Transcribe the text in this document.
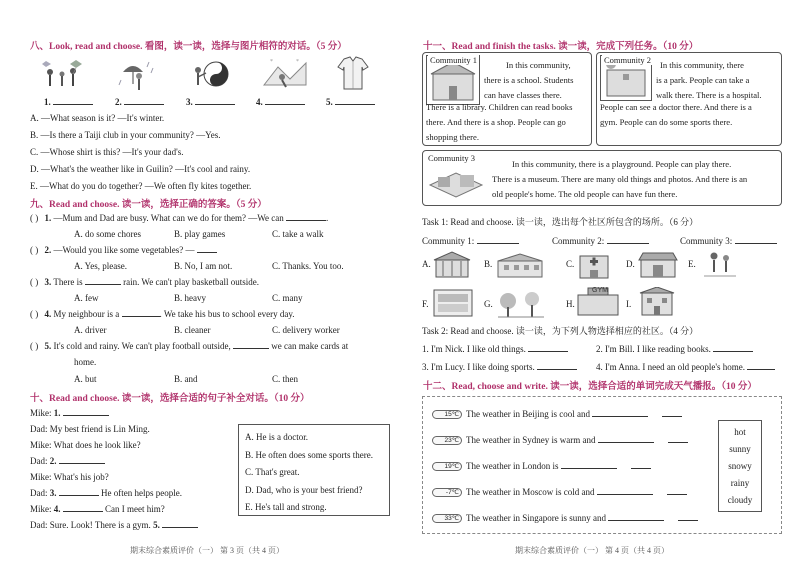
八、Look, read and choose. 看图，读一读，选择与图片相符的对话。（5 分）
*
*
1.	2.	3.	4.	5.
A. —What season is it? —It's winter.
B. —Is there a Taiji club in your community? —Yes.
C. —Whose shirt is this? —It's your dad's.
D. —What's the weather like in Guilin? —It's cool and rainy.
E. —What do you do together? —We often fly kites together.
九、Read and choose. 读一读，选择正确的答案。（5 分）
( ) 1. —Mum and Dad are busy. What can we do for them? —We can	.
A. do some chores	B. play games	C. take a walk
( ) 2. —Would you like some vegetables? —
A. Yes, please.	B. No, I am not.	C. Thanks. You too.
( ) 3. There is	rain. We can't play basketball outside.
A. few	B. heavy	C. many
( ) 4. My neighbour is a	. We take his bus to school every day.
A. driver	B. cleaner	C. delivery worker
( ) 5. It's cold and rainy. We can't play football outside,	we can make cards at
home.
A. but	B. and	C. then
十、Read and choose. 读一读，选择合适的句子补全对话。（10 分）
Mike: 1.
Dad: My best friend is Lin Ming.
Mike: What does he look like?
Dad: 2.
Mike: What's his job?
Dad: 3.	He often helps people.
Mike: 4.	Can I meet him?
Dad: Sure. Look! There is a gym. 5.
A. He is a doctor.
B. He often does some sports there.
C. That's great.
D. Dad, who is your best friend?
E. He's tall and strong.
期末综合素质评价（一） 第 3 页（共 4 页）
十一、Read and finish the tasks. 读一读，完成下列任务。（10 分）
Community 1	In this community,
there is a school. Students
can have classes there.
There is a library. Children can read books
there. And there is a shop. People can go
shopping there.
Community 2	In this community, there
is a park. People can take a
walk there. There is a hospital.
People can see a doctor there. And there is a
gym. People can do some sports there.
Community 3
In this community, there is a playground. People can play there.
There is a museum. There are many old things and photos. And there is an
old people's home. The old people can have fun there.
Task 1: Read and choose. 读一读，选出每个社区所包含的场所。（6 分）
Community 1:	Community 2:	Community 3:
A.	B.	C.	D.	E.
F.	G.	H.
GYM
I.
Task 2: Read and choose. 读一读，为下列人物选择相应的社区。（4 分）
1. I'm Nick. I like old things.	2. I'm Bill. I like reading books.
3. I'm Lucy. I like doing sports.	4. I'm Anna. I need an old people's home.
十二、Read, choose and write. 读一读，选择合适的单词完成天气播报。（10 分）
15℃ The weather in Beijing is cool and
23℃ The weather in Sydney is warm and
19℃ The weather in London is
-7℃ The weather in Moscow is cold and
33℃ The weather in Singapore is sunny and
hot
sunny
snowy
rainy
cloudy
期末综合素质评价（一） 第 4 页（共 4 页）
